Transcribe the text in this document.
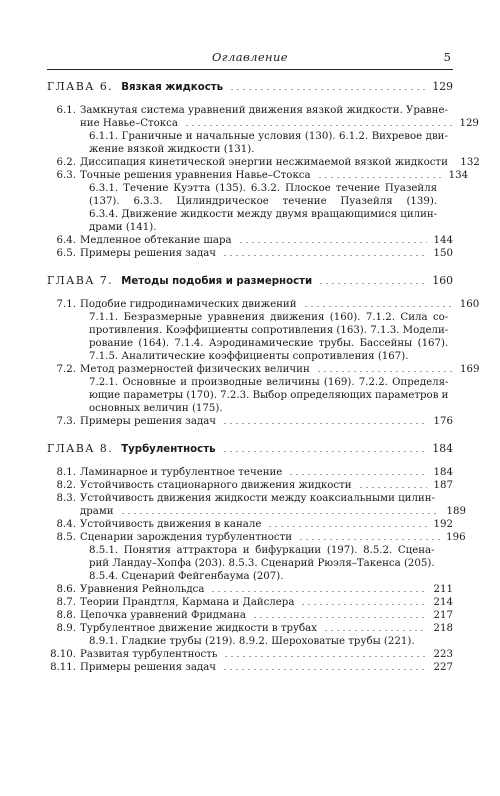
Оглавление	5
ГЛАВА 6. Вязкая жидкость	129
6.1. Замкнутая система уравнений движения вязкой жидкости. Уравне-
ние Навье–Стокса	129
6.1.1. Граничные и начальные условия (130). 6.1.2. Вихревое дви-
жение вязкой жидкости (131).
6.2. Диссипация кинетической энергии несжимаемой вязкой жидкости 132
6.3. Точные решения уравнения Навье–Стокса	134
6.3.1. Течение Куэтта (135). 6.3.2. Плоское течение Пуазейля
(137). 6.3.3. Цилиндрическое течение Пуазейля (139).
6.3.4. Движение жидкости между двумя вращающимися цилин-
драми (141).
6.4. Медленное обтекание шара	144
6.5. Примеры решения задач	150
ГЛАВА 7. Методы подобия и размерности	160
7.1. Подобие гидродинамических движений	160
7.1.1. Безразмерные уравнения движения (160). 7.1.2. Сила со-
противления. Коэффициенты сопротивления (163). 7.1.3. Модели-
рование (164). 7.1.4. Аэродинамические трубы. Бассейны (167).
7.1.5. Аналитические коэффициенты сопротивления (167).
7.2. Метод размерностей физических величин	169
7.2.1. Основные и производные величины (169). 7.2.2. Определя-
ющие параметры (170). 7.2.3. Выбор определяющих параметров и
основных величин (175).
7.3. Примеры решения задач	176
ГЛАВА 8. Турбулентность	184
8.1. Ламинарное и турбулентное течение	184
8.2. Устойчивость стационарного движения жидкости	187
8.3. Устойчивость движения жидкости между коаксиальными цилин-
драми	189
8.4. Устойчивость движения в канале	192
8.5. Сценарии зарождения турбулентности	196
8.5.1. Понятия аттрактора и бифуркации (197). 8.5.2. Сцена-
рий Ландау–Хопфа (203). 8.5.3. Сценарий Рюэля–Такенса (205).
8.5.4. Сценарий Фейгенбаума (207).
8.6. Уравнения Рейнольдса	211
8.7. Теории Прандтля, Кармана и Дайслера	214
8.8. Цепочка уравнений Фридмана	217
8.9. Турбулентное движение жидкости в трубах	218
8.9.1. Гладкие трубы (219). 8.9.2. Шероховатые трубы (221).
8.10. Развитая турбулентность	223
8.11. Примеры решения задач	227
